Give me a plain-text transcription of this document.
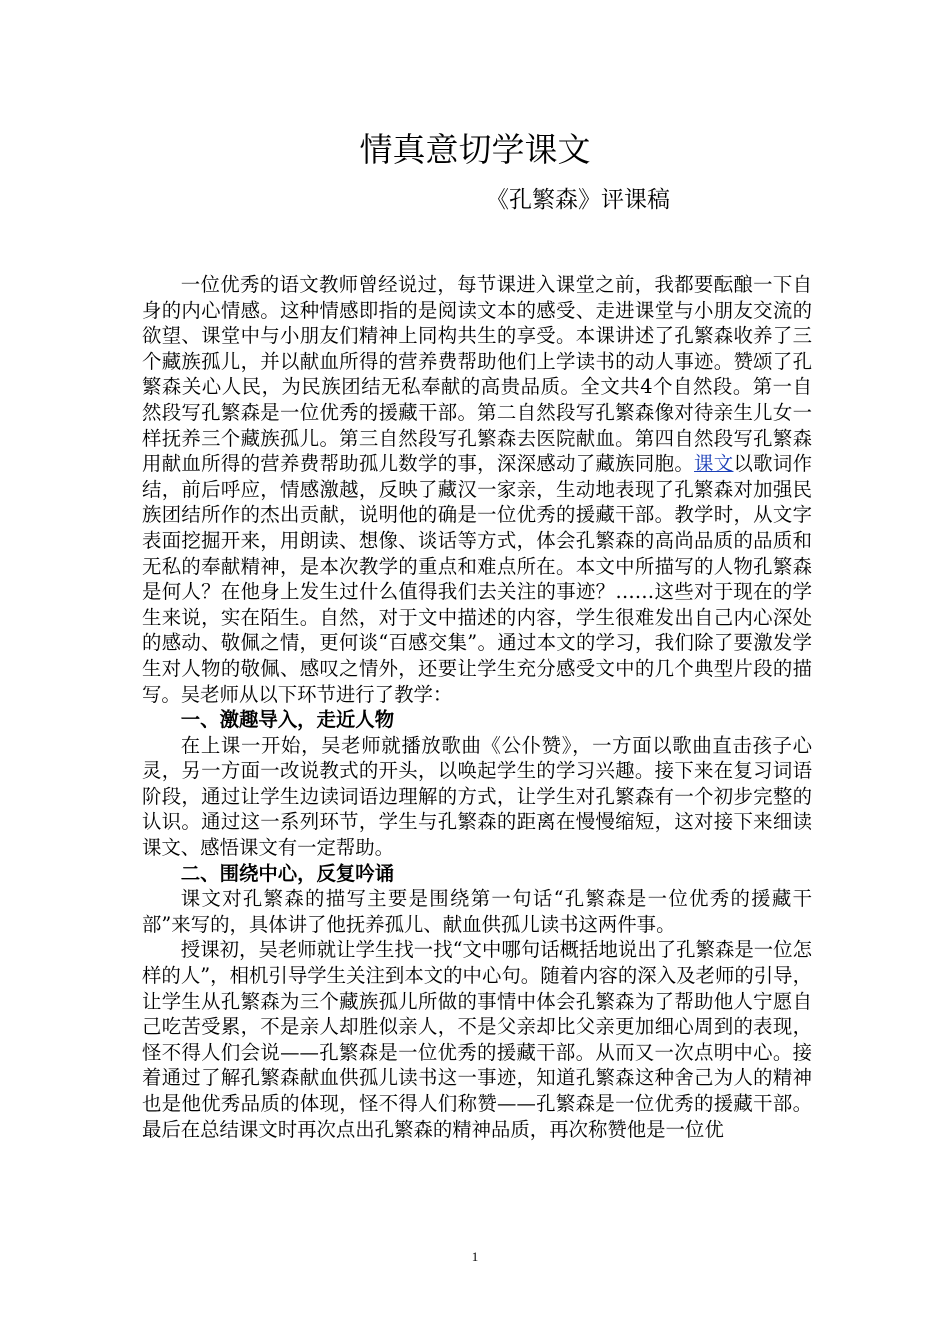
情真意切学课文
《孔繁森》评课稿

一位优秀的语文教师曾经说过，每节课进入课堂之前，我都要酝酿一下自身的内心情感。这种情感即指的是阅读文本的感受、走进课堂与小朋友交流的欲望、课堂中与小朋友们精神上同构共生的享受。本课讲述了孔繁森收养了三个藏族孤儿，并以献血所得的营养费帮助他们上学读书的动人事迹。赞颂了孔繁森关心人民，为民族团结无私奉献的高贵品质。全文共4个自然段。第一自然段写孔繁森是一位优秀的援藏干部。第二自然段写孔繁森像对待亲生儿女一样抚养三个藏族孤儿。第三自然段写孔繁森去医院献血。第四自然段写孔繁森用献血所得的营养费帮助孤儿数学的事，深深感动了藏族同胞。课文以歌词作结，前后呼应，情感激越，反映了藏汉一家亲，生动地表现了孔繁森对加强民族团结所作的杰出贡献，说明他的确是一位优秀的援藏干部。教学时，从文字表面挖掘开来，用朗读、想像、谈话等方式，体会孔繁森的高尚品质的品质和无私的奉献精神，是本次教学的重点和难点所在。本文中所描写的人物孔繁森是何人？在他身上发生过什么值得我们去关注的事迹？……这些对于现在的学生来说，实在陌生。自然，对于文中描述的内容，学生很难发出自己内心深处的感动、敬佩之情，更何谈“百感交集”。通过本文的学习，我们除了要激发学生对人物的敬佩、感叹之情外，还要让学生充分感受文中的几个典型片段的描写。吴老师从以下环节进行了教学：

一、激趣导入，走近人物

在上课一开始，吴老师就播放歌曲《公仆赞》，一方面以歌曲直击孩子心灵，另一方面一改说教式的开头，以唤起学生的学习兴趣。接下来在复习词语阶段，通过让学生边读词语边理解的方式，让学生对孔繁森有一个初步完整的认识。通过这一系列环节，学生与孔繁森的距离在慢慢缩短，这对接下来细读课文、感悟课文有一定帮助。

二、围绕中心，反复吟诵

课文对孔繁森的描写主要是围绕第一句话“孔繁森是一位优秀的援藏干部”来写的，具体讲了他抚养孤儿、献血供孤儿读书这两件事。

授课初，吴老师就让学生找一找“文中哪句话概括地说出了孔繁森是一位怎样的人”，相机引导学生关注到本文的中心句。随着内容的深入及老师的引导，让学生从孔繁森为三个藏族孤儿所做的事情中体会孔繁森为了帮助他人宁愿自己吃苦受累，不是亲人却胜似亲人，不是父亲却比父亲更加细心周到的表现，怪不得人们会说——孔繁森是一位优秀的援藏干部。从而又一次点明中心。接着通过了解孔繁森献血供孤儿读书这一事迹，知道孔繁森这种舍己为人的精神也是他优秀品质的体现，怪不得人们称赞——孔繁森是一位优秀的援藏干部。最后在总结课文时再次点出孔繁森的精神品质，再次称赞他是一位优

1
